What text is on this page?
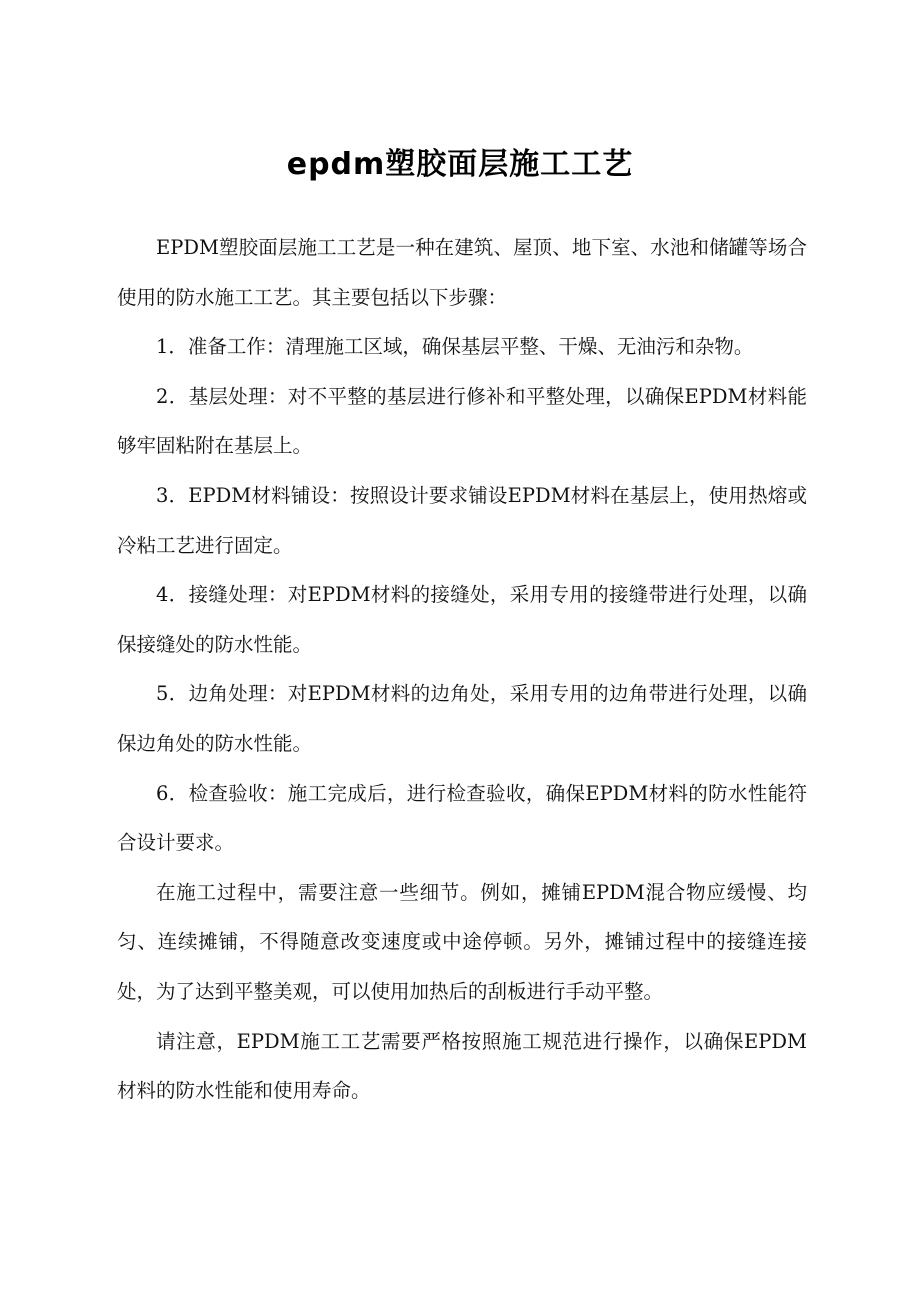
epdm塑胶面层施工工艺

EPDM塑胶面层施工工艺是一种在建筑、屋顶、地下室、水池和储罐等场合使用的防水施工工艺。其主要包括以下步骤：

1．准备工作：清理施工区域，确保基层平整、干燥、无油污和杂物。

2．基层处理：对不平整的基层进行修补和平整处理，以确保EPDM材料能够牢固粘附在基层上。

3．EPDM材料铺设：按照设计要求铺设EPDM材料在基层上，使用热熔或冷粘工艺进行固定。

4．接缝处理：对EPDM材料的接缝处，采用专用的接缝带进行处理，以确保接缝处的防水性能。

5．边角处理：对EPDM材料的边角处，采用专用的边角带进行处理，以确保边角处的防水性能。

6．检查验收：施工完成后，进行检查验收，确保EPDM材料的防水性能符合设计要求。

在施工过程中，需要注意一些细节。例如，摊铺EPDM混合物应缓慢、均匀、连续摊铺，不得随意改变速度或中途停顿。另外，摊铺过程中的接缝连接处，为了达到平整美观，可以使用加热后的刮板进行手动平整。

请注意，EPDM施工工艺需要严格按照施工规范进行操作，以确保EPDM材料的防水性能和使用寿命。
